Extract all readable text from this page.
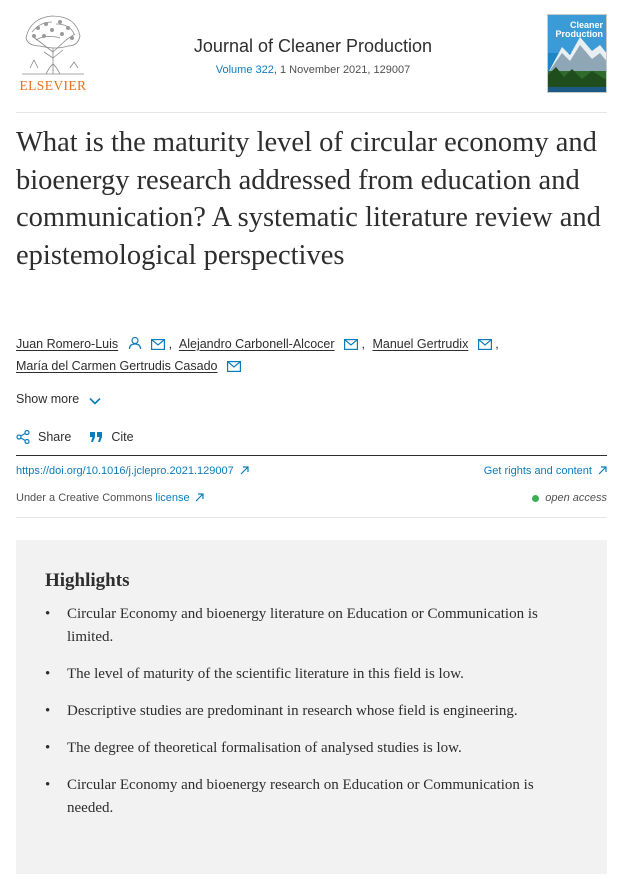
ELSEVIER
Journal of Cleaner Production
Volume 322, 1 November 2021, 129007
Cleaner
Production
What is the maturity level of circular economy and bioenergy research addressed from education and communication? A systematic literature review and epistemological perspectives
Juan Romero-Luis	, Alejandro Carbonell-Alcocer , Manuel Gertrudix ,
María del Carmen Gertrudis Casado
Show more
Share	Cite
https://doi.org/10.1016/j.jclepro.2021.129007	Get rights and content
Under a Creative Commons license	open access
Highlights
• Circular Economy and bioenergy literature on Education or Communication is limited.
• The level of maturity of the scientific literature in this field is low.
• Descriptive studies are predominant in research whose field is engineering.
• The degree of theoretical formalisation of analysed studies is low.
• Circular Economy and bioenergy research on Education or Communication is needed.
